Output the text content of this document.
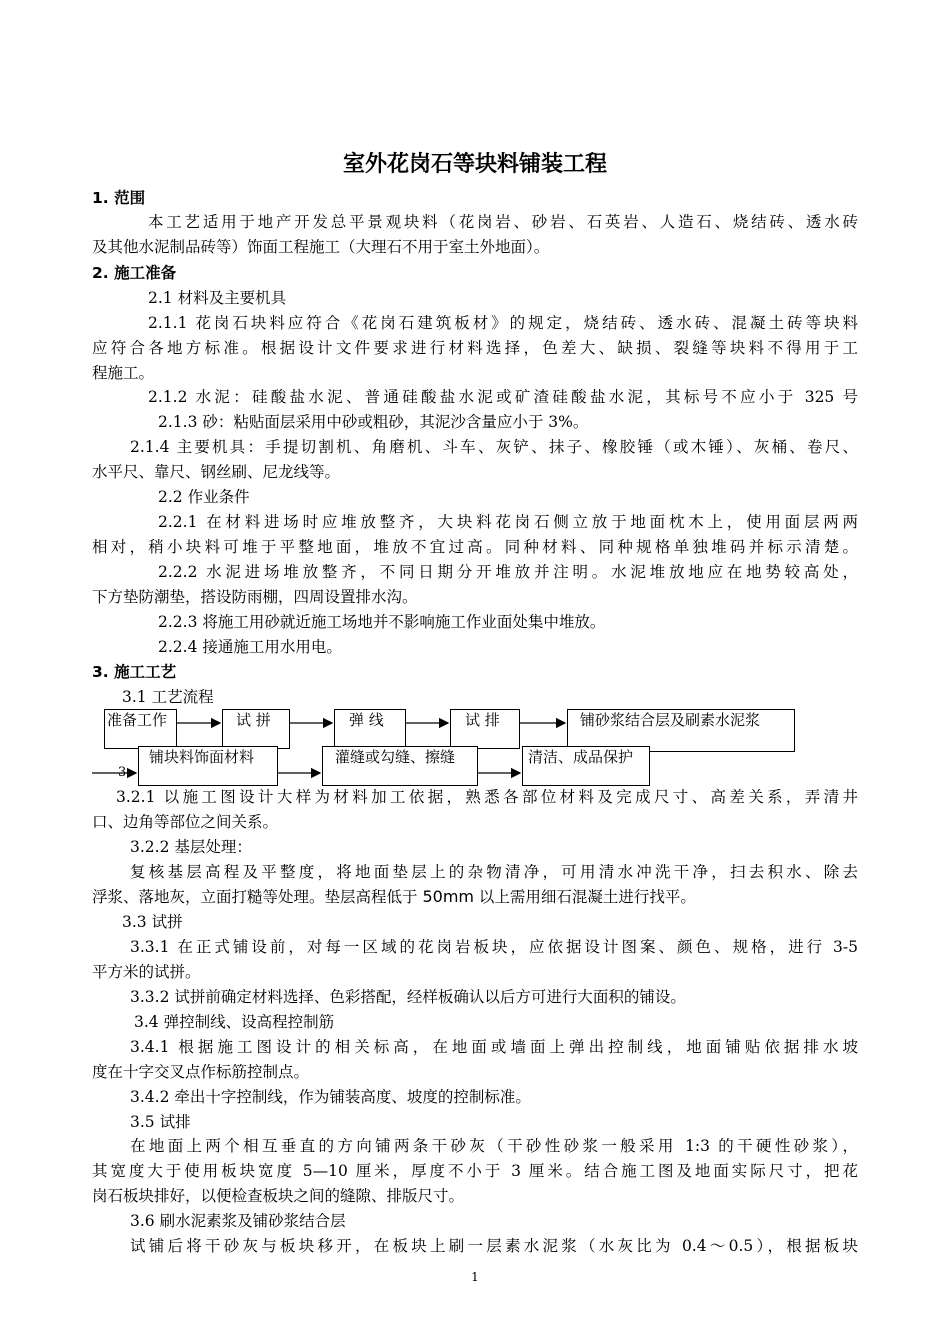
室外花岗石等块料铺装工程
1. 范围
本工艺适用于地产开发总平景观块料（花岗岩、砂岩、石英岩、人造石、烧结砖、透水砖
及其他水泥制品砖等）饰面工程施工（大理石不用于室土外地面）。
2. 施工准备
2.1 材料及主要机具
2.1.1 花岗石块料应符合《花岗石建筑板材》的规定，烧结砖、透水砖、混凝土砖等块料
应符合各地方标准。根据设计文件要求进行材料选择，色差大、缺损、裂缝等块料不得用于工
程施工。
2.1.2 水泥：硅酸盐水泥、普通硅酸盐水泥或矿渣硅酸盐水泥，其标号不应小于 325 号
2.1.3 砂：粘贴面层采用中砂或粗砂，其泥沙含量应小于 3%。
2.1.4 主要机具：手提切割机、角磨机、斗车、灰铲、抹子、橡胶锤（或木锤）、灰桶、卷尺、
水平尺、靠尺、钢丝刷、尼龙线等。
2.2 作业条件
2.2.1 在材料进场时应堆放整齐，大块料花岗石侧立放于地面枕木上，使用面层两两
相对，稍小块料可堆于平整地面，堆放不宜过高。同种材料、同种规格单独堆码并标示清楚。
2.2.2 水泥进场堆放整齐，不同日期分开堆放并注明。水泥堆放地应在地势较高处，
下方垫防潮垫，搭设防雨棚，四周设置排水沟。
2.2.3 将施工用砂就近施工场地并不影响施工作业面处集中堆放。
2.2.4 接通施工用水用电。
3. 施工工艺
3.1 工艺流程
准备工作	试 拼	弹 线	试 排	铺砂浆结合层及刷素水泥浆
3.
铺块料饰面材料	灌缝或勾缝、擦缝	清洁、成品保护
3.2.1 以施工图设计大样为材料加工依据，熟悉各部位材料及完成尺寸、高差关系，弄清井
口、边角等部位之间关系。
3.2.2 基层处理：
复核基层高程及平整度，将地面垫层上的杂物清净，可用清水冲洗干净，扫去积水、除去
浮浆、落地灰，立面打糙等处理。垫层高程低于 50mm 以上需用细石混凝土进行找平。
3.3 试拼
3.3.1 在正式铺设前，对每一区域的花岗岩板块，应依据设计图案、颜色、规格，进行 3-5
平方米的试拼。
3.3.2 试拼前确定材料选择、色彩搭配，经样板确认以后方可进行大面积的铺设。
3.4 弹控制线、设高程控制筋
3.4.1 根据施工图设计的相关标高，在地面或墙面上弹出控制线，地面铺贴依据排水坡
度在十字交叉点作标筋控制点。
3.4.2 牵出十字控制线，作为铺装高度、坡度的控制标准。
3.5 试排
在地面上两个相互垂直的方向铺两条干砂灰（干砂性砂浆一般采用 1:3 的干硬性砂浆），
其宽度大于使用板块宽度 5—10 厘米，厚度不小于 3 厘米。结合施工图及地面实际尺寸，把花
岗石板块排好，以便检查板块之间的缝隙、排版尺寸。
3.6 刷水泥素浆及铺砂浆结合层
试铺后将干砂灰与板块移开，在板块上刷一层素水泥浆（水灰比为 0.4～0.5），根据板块
1
